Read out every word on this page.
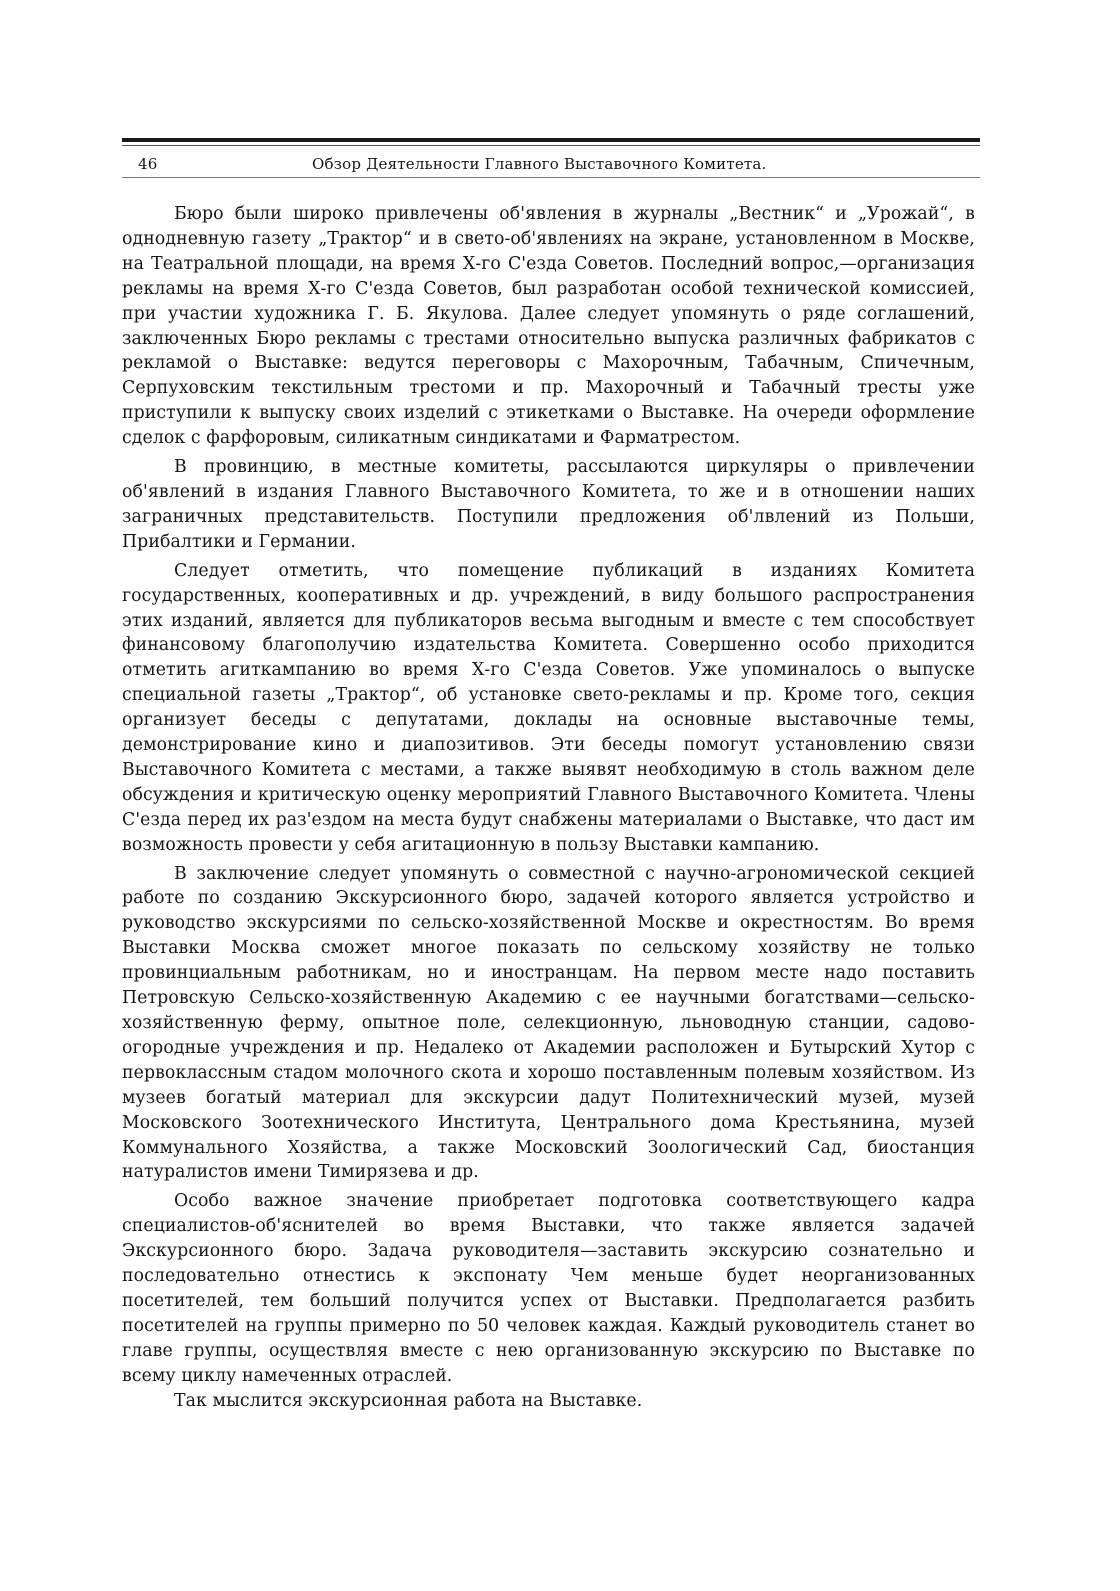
46	Обзор Деятельности Главного Выставочного Комитета.

Бюро были широко привлечены об'явления в журналы „Вестник“ и „Урожай“, в однодневную газету „Трактор“ и в свето-об'явлениях на экране, установленном в Москве, на Театральной площади, на время Х-го С'езда Советов. Последний вопрос,—организация рекламы на время Х-го С'езда Советов, был разработан особой технической комиссией, при участии художника Г. Б. Якулова. Далее следует упомянуть о ряде соглашений, заключенных Бюро рекламы с трестами относительно выпуска различных фабрикатов с рекламой о Выставке: ведутся переговоры с Махорочным, Табачным, Спичечным, Серпуховским текстильным трестоми и пр. Махорочный и Табачный тресты уже приступили к выпуску своих изделий с этикетками о Выставке. На очереди оформление сделок с фарфоровым, силикатным синдикатами и Фарматрестом.

В провинцию, в местные комитеты, рассылаются циркуляры о привлечении об'явлений в издания Главного Выставочного Комитета, то же и в отношении наших заграничных представительств. Поступили предложения об'лвлений из Польши, Прибалтики и Германии.

Следует отметить, что помещение публикаций в изданиях Комитета государственных, кооперативных и др. учреждений, в виду большого распространения этих изданий, является для публикаторов весьма выгодным и вместе с тем способствует финансовому благополучию издательства Комитета. Совершенно особо приходится отметить агиткампанию во время Х-го С'езда Советов. Уже упоминалось о выпуске специальной газеты „Трактор“, об установке свето-рекламы и пр. Кроме того, секция организует беседы с депутатами, доклады на основные выставочные темы, демонстрирование кино и диапозитивов. Эти беседы помогут установлению связи Выставочного Комитета с местами, а также выявят необходимую в столь важном деле обсуждения и критическую оценку мероприятий Главного Выставочного Комитета. Члены С'езда перед их раз'ездом на места будут снабжены материалами о Выставке, что даст им возможность провести у себя агитационную в пользу Выставки кампанию.

В заключение следует упомянуть о совместной с научно-агрономической секцией работе по созданию Экскурсионного бюро, задачей которого является устройство и руководство экскурсиями по сельско-хозяйственной Москве и окрестностям. Во время Выставки Москва сможет многое показать по сельскому хозяйству не только провинциальным работникам, но и иностранцам. На первом месте надо поставить Петровскую Сельско-хозяйственную Академию с ее научными богатствами—сельско-хозяйственную ферму, опытное поле, селекционную, льноводную станции, садово-огородные учреждения и пр. Недалеко от Академии расположен и Бутырский Хутор с первоклассным стадом молочного скота и хорошо поставленным полевым хозяйством. Из музеев богатый материал для экскурсии дадут Политехнический музей, музей Московского Зоотехнического Института, Центрального дома Крестьянина, музей Коммунального Хозяйства, а также Московский Зоологический Сад, биостанция натуралистов имени Тимирязева и др.

Особо важное значение приобретает подготовка соответствующего кадра специалистов-об'яснителей во время Выставки, что также является задачей Экскурсионного бюро. Задача руководителя—заставить экскурсию сознательно и последовательно отнестись к экспонату Чем меньше будет неорганизованных посетителей, тем больший получится успех от Выставки. Предполагается разбить посетителей на группы примерно по 50 человек каждая. Каждый руководитель станет во главе группы, осуществляя вместе с нею организованную экскурсию по Выставке по всему циклу намеченных отраслей.

Так мыслится экскурсионная работа на Выставке.
